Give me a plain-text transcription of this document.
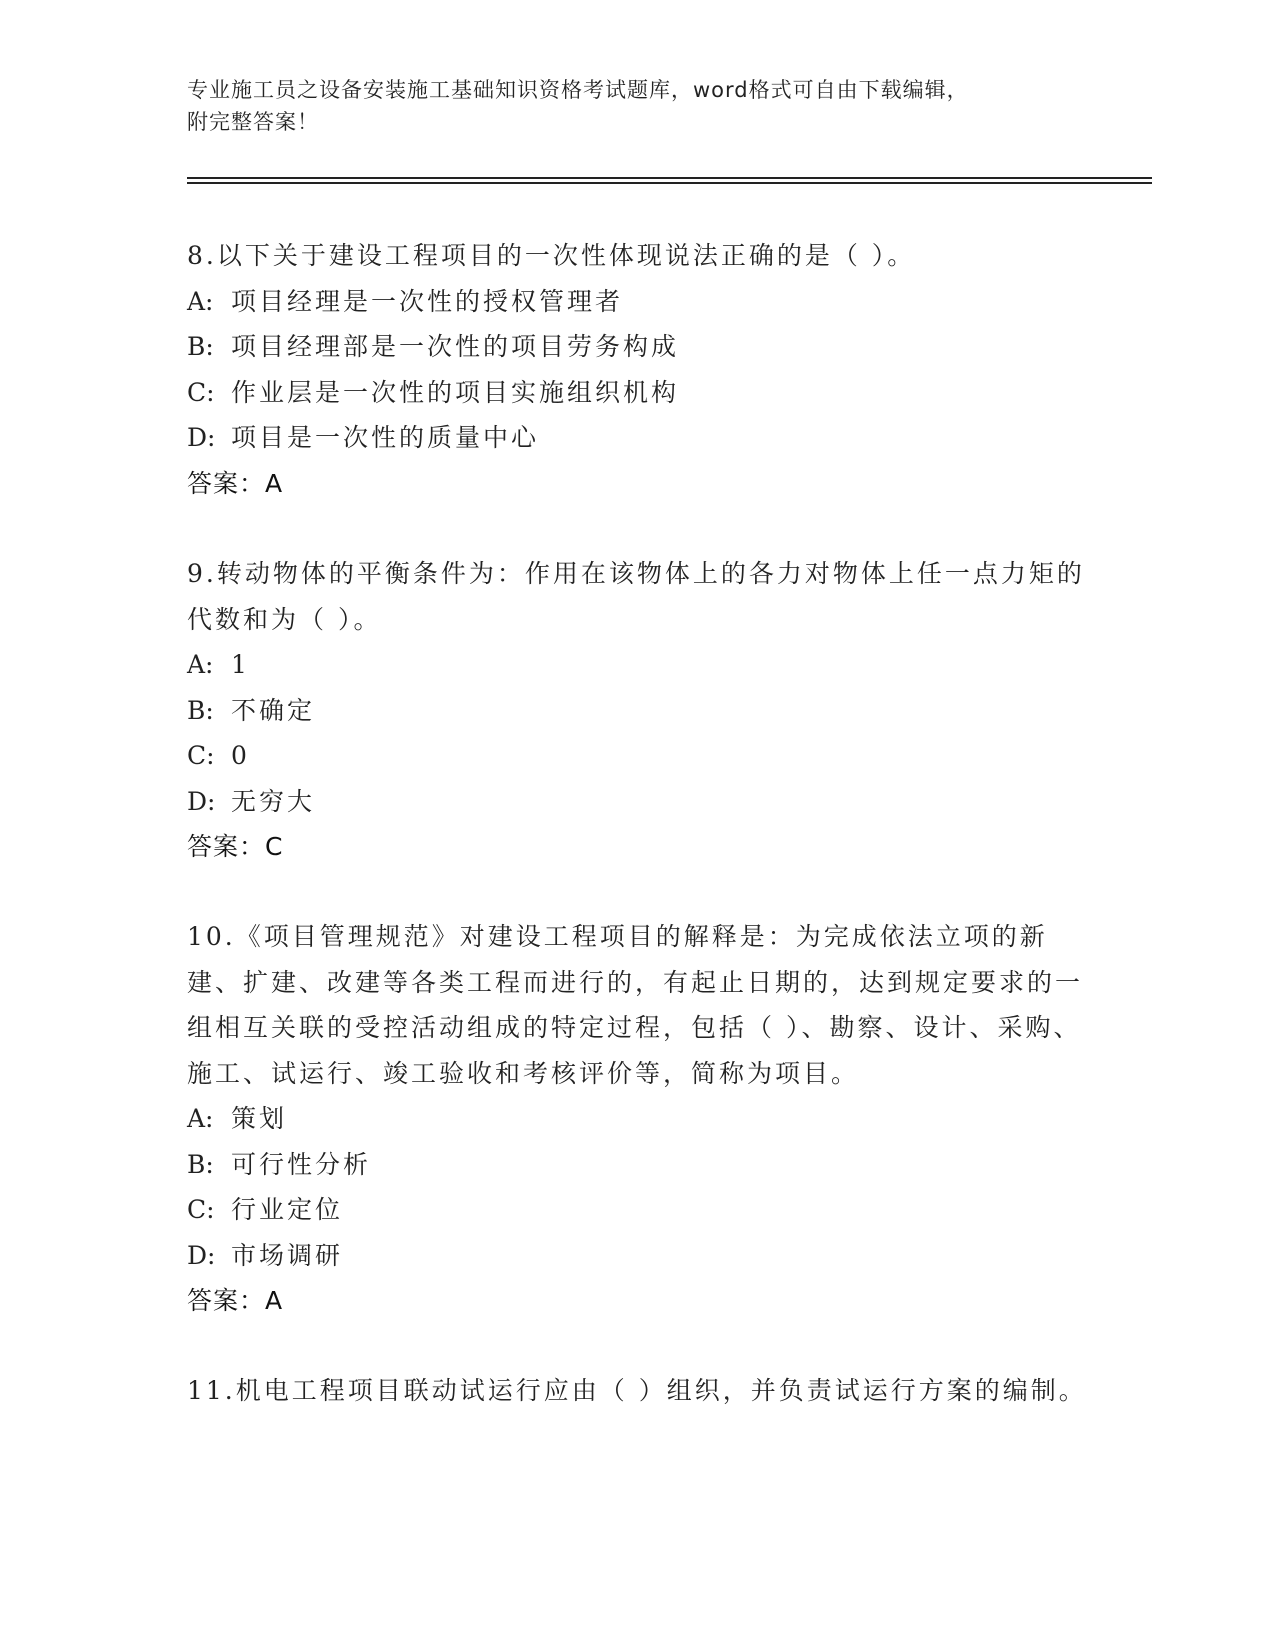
专业施工员之设备安装施工基础知识资格考试题库，word格式可自由下载编辑，
附完整答案！

8.以下关于建设工程项目的一次性体现说法正确的是（ ）。

A: 项目经理是一次性的授权管理者

B: 项目经理部是一次性的项目劳务构成

C: 作业层是一次性的项目实施组织机构

D: 项目是一次性的质量中心

答案：A

9.转动物体的平衡条件为：作用在该物体上的各力对物体上任一点力矩的代数和为（ ）。

A: 1

B: 不确定

C: 0

D: 无穷大

答案：C

10.《项目管理规范》对建设工程项目的解释是：为完成依法立项的新建、扩建、改建等各类工程而进行的，有起止日期的，达到规定要求的一组相互关联的受控活动组成的特定过程，包括（ ）、勘察、设计、采购、施工、试运行、竣工验收和考核评价等，简称为项目。

A: 策划

B: 可行性分析

C: 行业定位

D: 市场调研

答案：A

11.机电工程项目联动试运行应由（ ）组织，并负责试运行方案的编制。
